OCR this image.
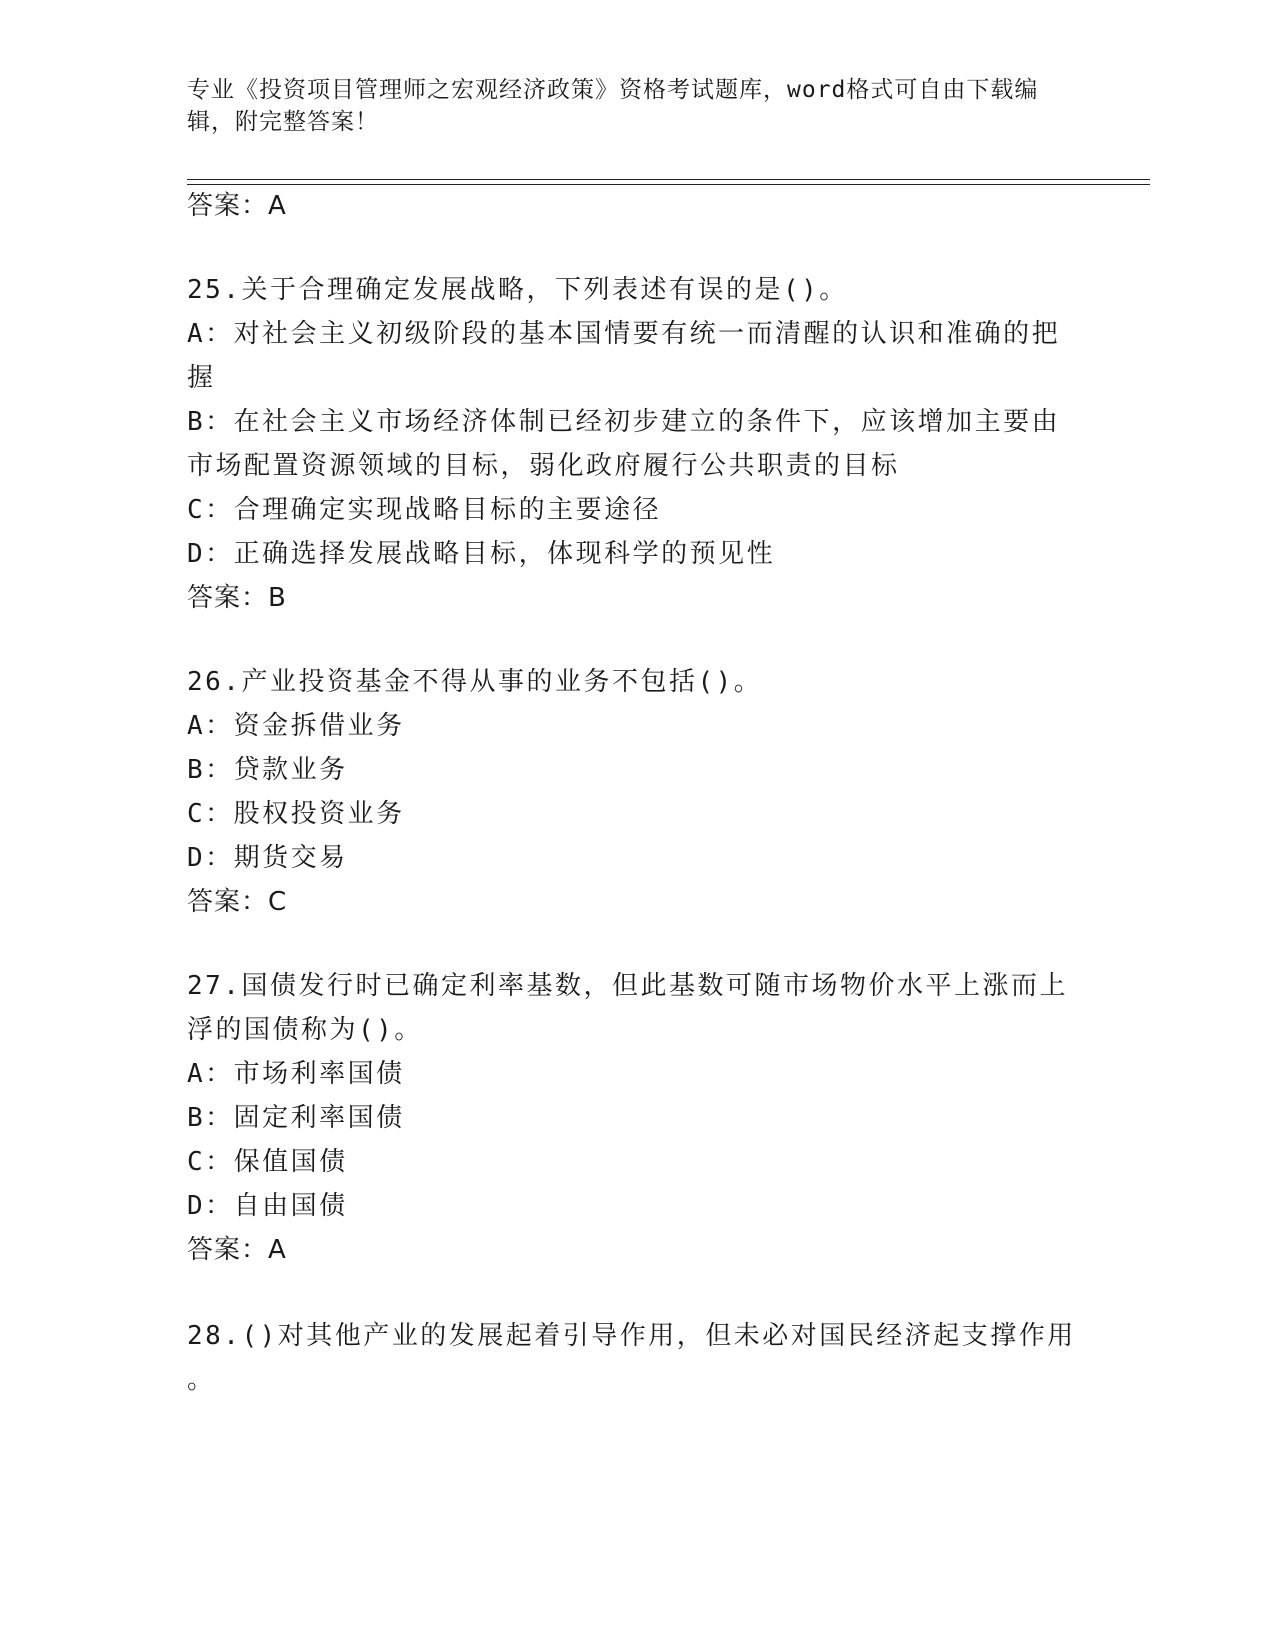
专业《投资项目管理师之宏观经济政策》资格考试题库，word格式可自由下载编辑，附完整答案！
答案：A
25.关于合理确定发展战略，下列表述有误的是()。
A：对社会主义初级阶段的基本国情要有统一而清醒的认识和准确的把
握
B：在社会主义市场经济体制已经初步建立的条件下，应该增加主要由
市场配置资源领域的目标，弱化政府履行公共职责的目标
C：合理确定实现战略目标的主要途径
D：正确选择发展战略目标，体现科学的预见性
答案：B
26.产业投资基金不得从事的业务不包括()。
A：资金拆借业务
B：贷款业务
C：股权投资业务
D：期货交易
答案：C
27.国债发行时已确定利率基数，但此基数可随市场物价水平上涨而上
浮的国债称为()。
A：市场利率国债
B：固定利率国债
C：保值国债
D：自由国债
答案：A
28.()对其他产业的发展起着引导作用，但未必对国民经济起支撑作用
。
